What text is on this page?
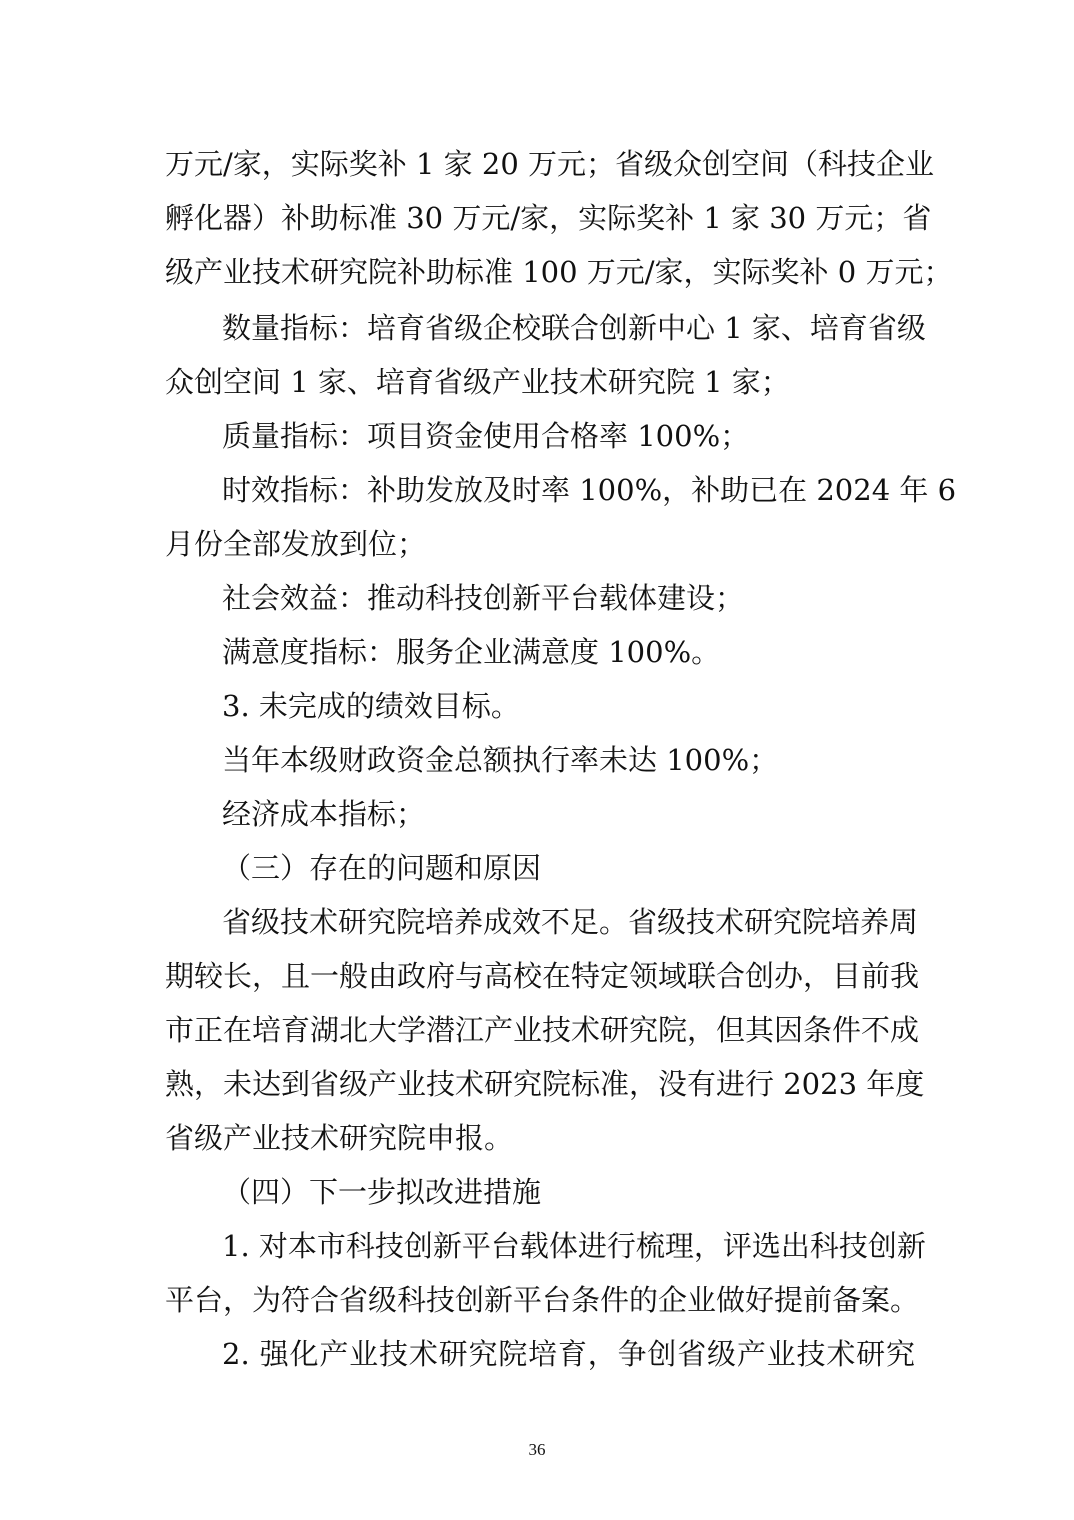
万元/家，实际奖补 1 家 20 万元；省级众创空间（科技企业
孵化器）补助标准 30 万元/家，实际奖补 1 家 30 万元；省
级产业技术研究院补助标准 100 万元/家，实际奖补 0 万元；
数量指标：培育省级企校联合创新中心 1 家、培育省级
众创空间 1 家、培育省级产业技术研究院 1 家；
质量指标：项目资金使用合格率 100%；
时效指标：补助发放及时率 100%，补助已在 2024 年 6
月份全部发放到位；
社会效益：推动科技创新平台载体建设；
满意度指标：服务企业满意度 100%。
3. 未完成的绩效目标。
当年本级财政资金总额执行率未达 100%；
经济成本指标；
（三）存在的问题和原因
省级技术研究院培养成效不足。省级技术研究院培养周
期较长，且一般由政府与高校在特定领域联合创办，目前我
市正在培育湖北大学潜江产业技术研究院，但其因条件不成
熟，未达到省级产业技术研究院标准，没有进行 2023 年度
省级产业技术研究院申报。
（四）下一步拟改进措施
1. 对本市科技创新平台载体进行梳理，评选出科技创新
平台，为符合省级科技创新平台条件的企业做好提前备案。
2. 强化产业技术研究院培育，争创省级产业技术研究
36
